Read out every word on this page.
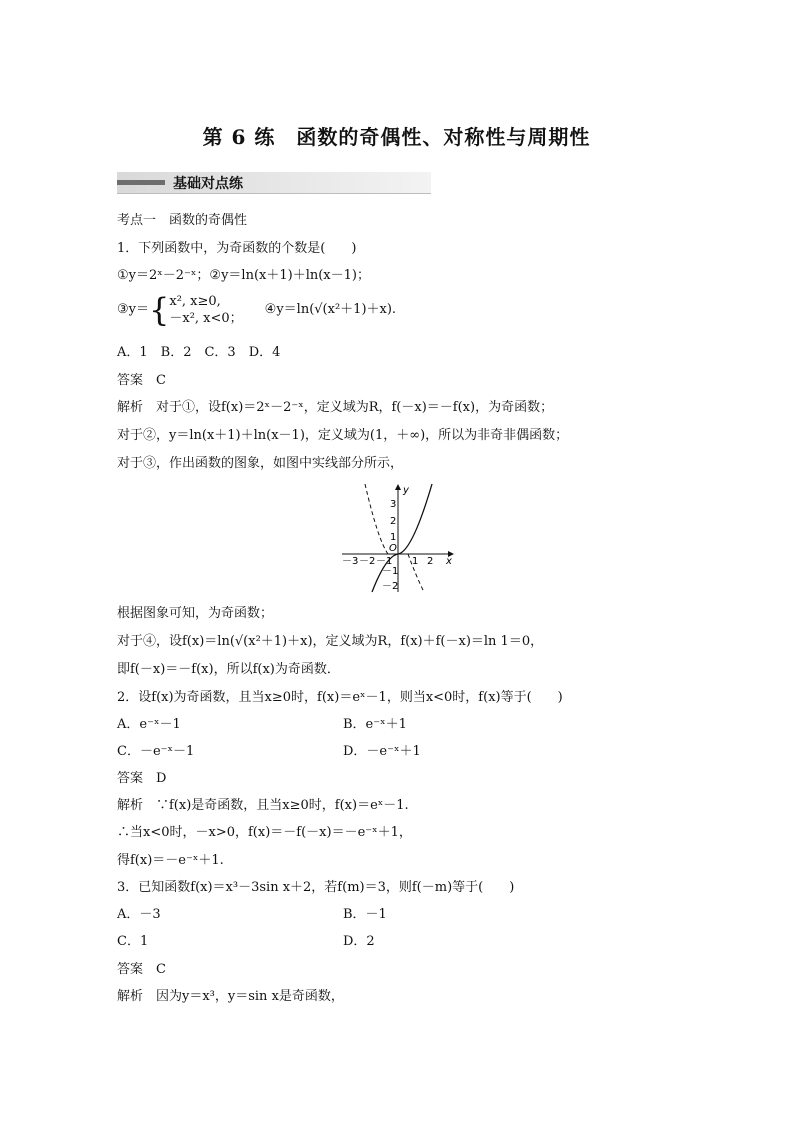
第 6 练　函数的奇偶性、对称性与周期性
基础对点练
考点一　函数的奇偶性
1．下列函数中，为奇函数的个数是(　　)
①y＝2ˣ－2⁻ˣ；②y＝ln(x＋1)＋ln(x－1)；
③y＝{x², x≥0,
－x², x<0；④y＝ln(√(x²＋1)＋x).
A．1　B．2　C．3　D．4
答案　C
解析　对于①，设f(x)＝2ˣ－2⁻ˣ，定义域为R，f(－x)＝－f(x)，为奇函数；
对于②，y＝ln(x＋1)＋ln(x－1)，定义域为(1，＋∞)，所以为非奇非偶函数；
对于③，作出函数的图象，如图中实线部分所示，
y
x
O
－3 －2 －1 1 2
3
2
1
－1
－2
根据图象可知，为奇函数；
对于④，设f(x)＝ln(√(x²＋1)＋x)，定义域为R，f(x)＋f(－x)＝ln 1＝0，
即f(－x)＝－f(x)，所以f(x)为奇函数．
2．设f(x)为奇函数，且当x≥0时，f(x)＝eˣ－1，则当x<0时，f(x)等于(　　)
A．e⁻ˣ－1	B．e⁻ˣ＋1
C．－e⁻ˣ－1	D．－e⁻ˣ＋1
答案　D
解析　∵f(x)是奇函数，且当x≥0时，f(x)＝eˣ－1.
∴当x<0时，－x>0，f(x)＝－f(－x)＝－e⁻ˣ＋1，
得f(x)＝－e⁻ˣ＋1.
3．已知函数f(x)＝x³－3sin x＋2，若f(m)＝3，则f(－m)等于(　　)
A．－3	B．－1
C．1	D．2
答案　C
解析　因为y＝x³，y＝sin x是奇函数，
